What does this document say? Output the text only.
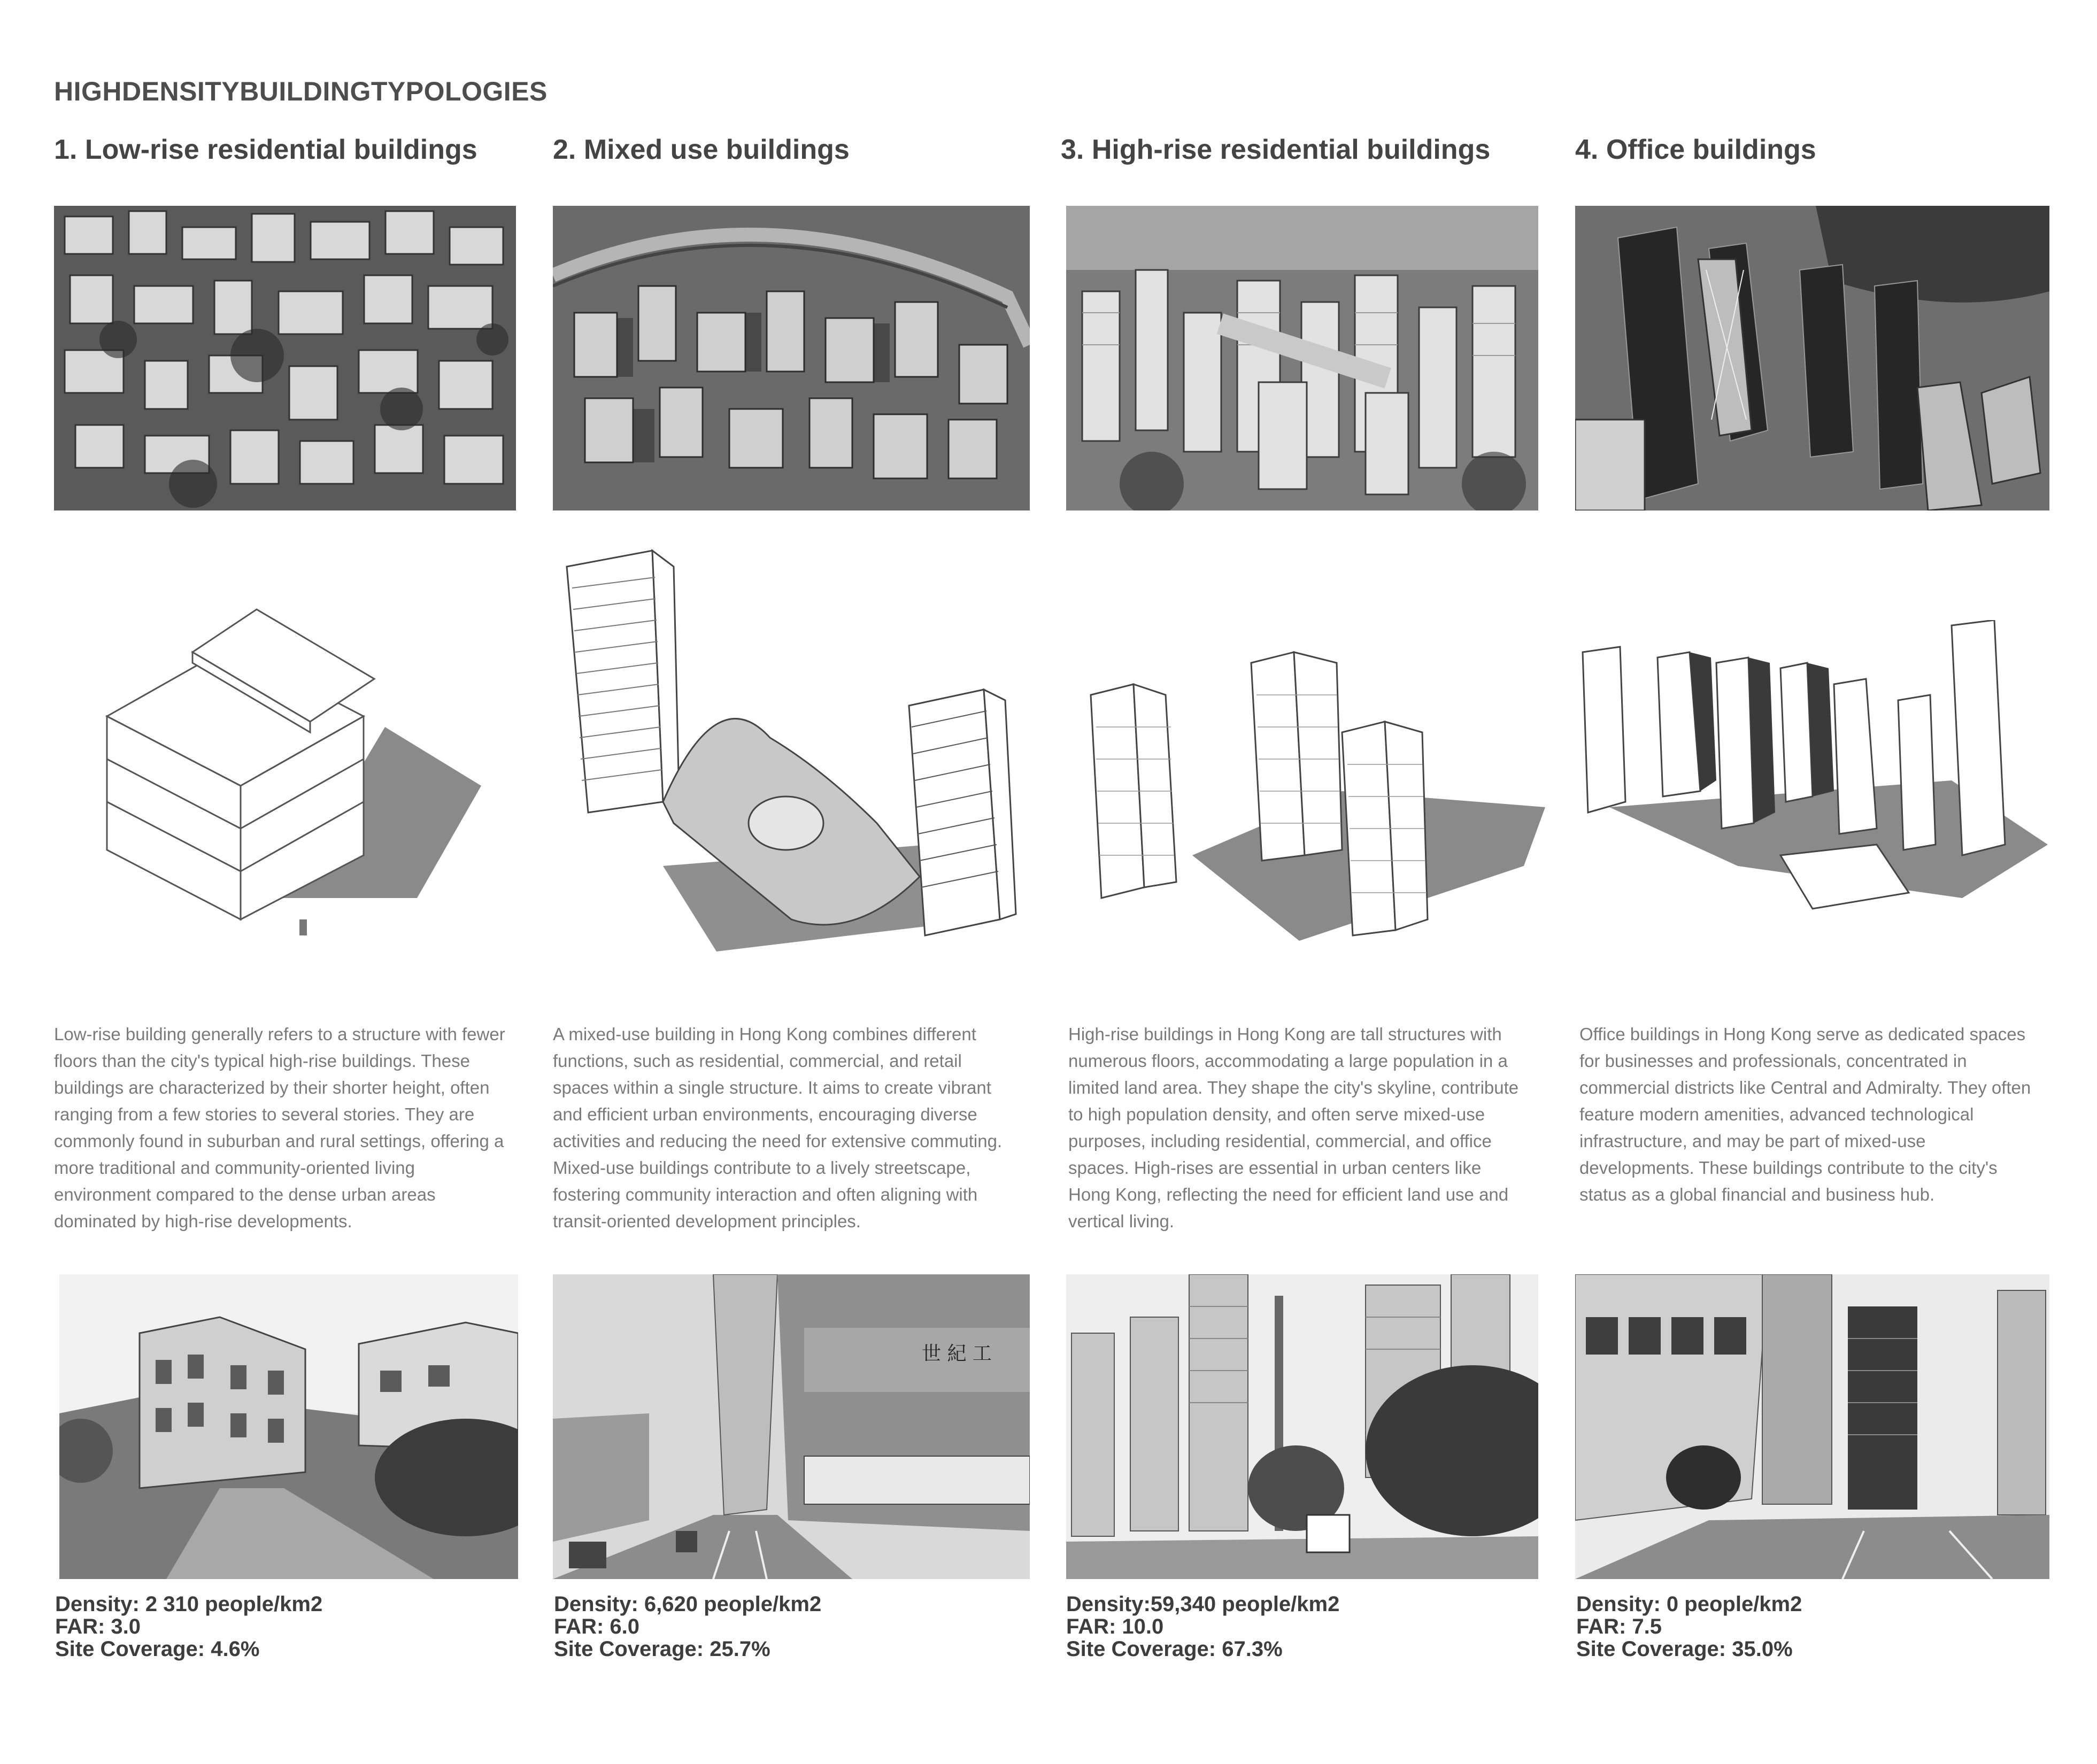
HIGHDENSITYBUILDINGTYPOLOGIES
1. Low-rise residential buildings	2. Mixed use buildings	3. High-rise residential buildings	4. Office buildings
Low-rise building generally refers to a structure with fewer floors than the city's typical high-rise buildings. These buildings are characterized by their shorter height, often ranging from a few stories to several stories. They are commonly found in suburban and rural settings, offering a more traditional and community-oriented living environment compared to the dense urban areas dominated by high-rise developments.
A mixed-use building in Hong Kong combines different functions, such as residential, commercial, and retail spaces within a single structure. It aims to create vibrant and efficient urban environments, encouraging diverse activities and reducing the need for extensive commuting. Mixed-use buildings contribute to a lively streetscape, fostering community interaction and often aligning with transit-oriented development principles.
High-rise buildings in Hong Kong are tall structures with numerous floors, accommodating a large population in a limited land area. They shape the city's skyline, contribute to high population density, and often serve mixed-use purposes, including residential, commercial, and office spaces. High-rises are essential in urban centers like Hong Kong, reflecting the need for efficient land use and vertical living.
Office buildings in Hong Kong serve as dedicated spaces for businesses and professionals, concentrated in commercial districts like Central and Admiralty. They often feature modern amenities, advanced technological infrastructure, and may be part of mixed-use developments. These buildings contribute to the city's status as a global financial and business hub.
世 紀 工
Density: 2 310 people/km2
FAR: 3.0
Site Coverage: 4.6%
Density: 6,620 people/km2
FAR: 6.0
Site Coverage: 25.7%
Density:59,340 people/km2
FAR: 10.0
Site Coverage: 67.3%
Density: 0 people/km2
FAR: 7.5
Site Coverage: 35.0%
